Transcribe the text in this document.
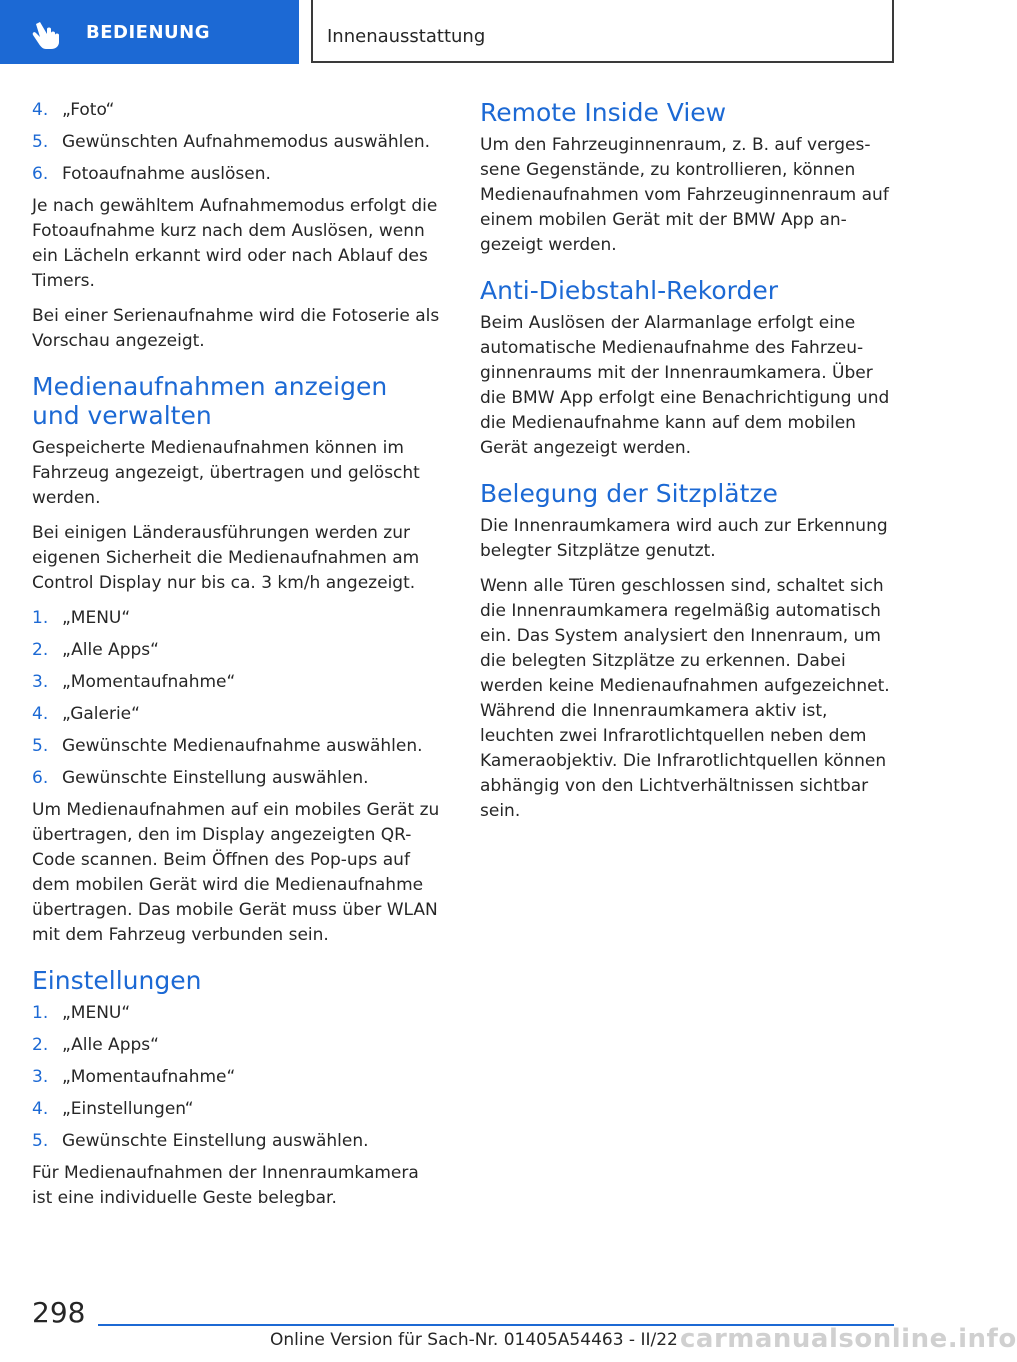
BEDIENUNG	Innenausstattung
4. „Foto“
5. Gewünschten Aufnahmemodus auswählen.
6. Fotoaufnahme auslösen.

Je nach gewähltem Aufnahmemodus erfolgt die Fotoaufnahme kurz nach dem Auslösen, wenn ein Lächeln erkannt wird oder nach Ablauf des Timers.

Bei einer Serienaufnahme wird die Fotoserie als Vorschau angezeigt.

Medienaufnahmen anzeigen und verwalten

Gespeicherte Medienaufnahmen können im Fahrzeug angezeigt, übertragen und gelöscht werden.

Bei einigen Länderausführungen werden zur eigenen Sicherheit die Medienaufnahmen am Control Display nur bis ca. 3 km/h angezeigt.

1. „MENU“
2. „Alle Apps“
3. „Momentaufnahme“
4. „Galerie“
5. Gewünschte Medienaufnahme auswählen.
6. Gewünschte Einstellung auswählen.

Um Medienaufnahmen auf ein mobiles Gerät zu übertragen, den im Display angezeigten QR-Code scannen. Beim Öffnen des Pop-ups auf dem mobilen Gerät wird die Medienaufnahme übertragen. Das mobile Gerät muss über WLAN mit dem Fahrzeug verbunden sein.

Einstellungen
1. „MENU“
2. „Alle Apps“
3. „Momentaufnahme“
4. „Einstellungen“
5. Gewünschte Einstellung auswählen.

Für Medienaufnahmen der Innenraumkamera ist eine individuelle Geste belegbar.

Remote Inside View

Um den Fahrzeuginnenraum, z. B. auf vergessene Gegenstände, zu kontrollieren, können Medienaufnahmen vom Fahrzeuginnenraum auf einem mobilen Gerät mit der BMW App angezeigt werden.

Anti-Diebstahl-Rekorder

Beim Auslösen der Alarmanlage erfolgt eine automatische Medienaufnahme des Fahrzeuginnenraums mit der Innenraumkamera. Über die BMW App erfolgt eine Benachrichtigung und die Medienaufnahme kann auf dem mobilen Gerät angezeigt werden.

Belegung der Sitzplätze

Die Innenraumkamera wird auch zur Erkennung belegter Sitzplätze genutzt.

Wenn alle Türen geschlossen sind, schaltet sich die Innenraumkamera regelmäßig automatisch ein. Das System analysiert den Innenraum, um die belegten Sitzplätze zu erkennen. Dabei werden keine Medienaufnahmen aufgezeichnet. Während die Innenraumkamera aktiv ist, leuchten zwei Infrarotlichtquellen neben dem Kameraobjektiv. Die Infrarotlichtquellen können abhängig von den Lichtverhältnissen sichtbar sein.

298
Online Version für Sach-Nr. 01405A54463 - II/22 carmanualsonline.info
